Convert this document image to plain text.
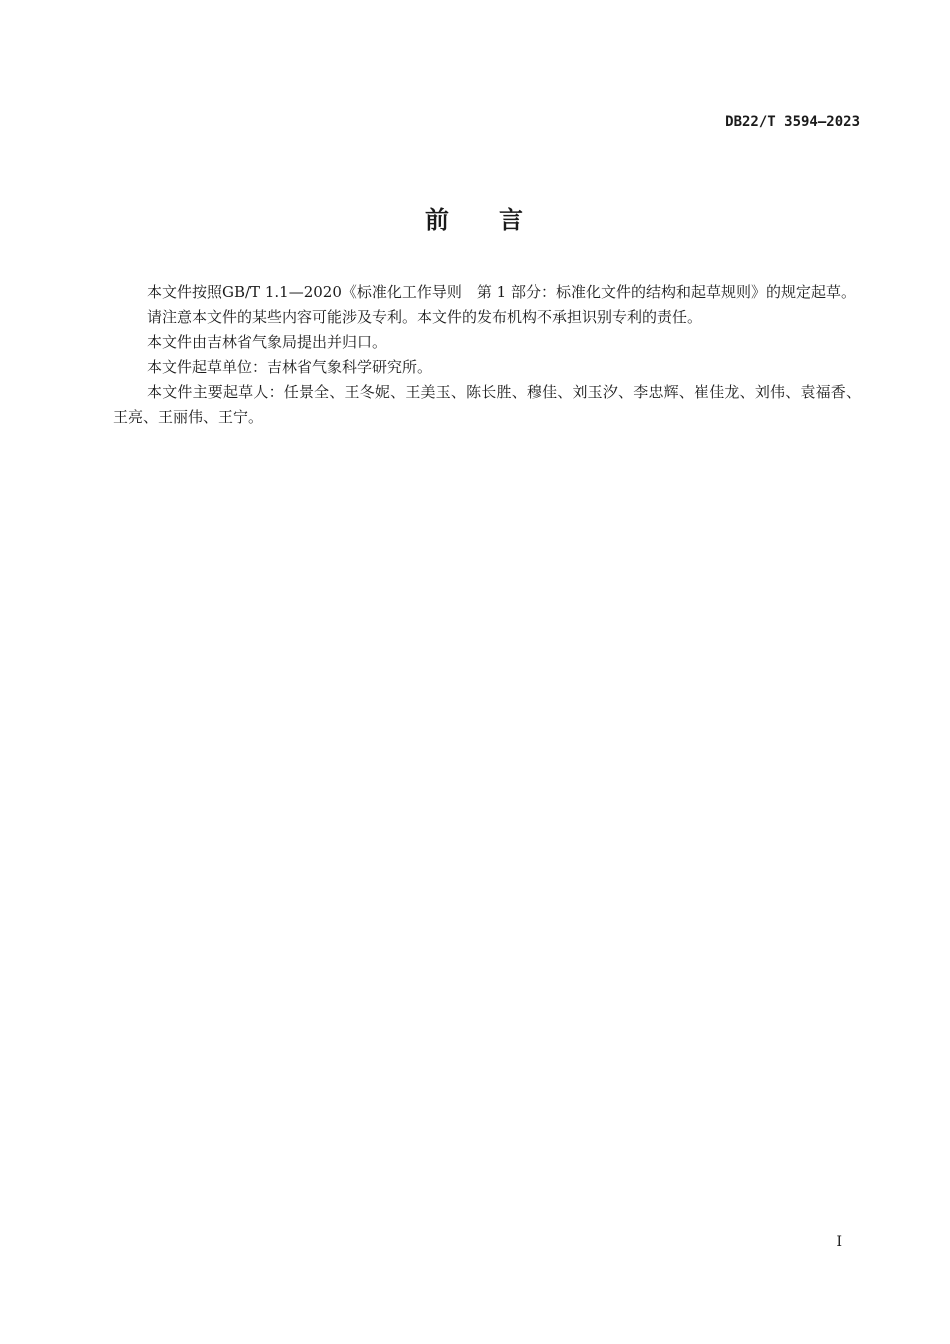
DB22/T 3594—2023
前 言

本文件按照GB/T 1.1—2020《标准化工作导则　第 1 部分：标准化文件的结构和起草规则》的规定起草。

请注意本文件的某些内容可能涉及专利。本文件的发布机构不承担识别专利的责任。

本文件由吉林省气象局提出并归口。

本文件起草单位：吉林省气象科学研究所。

本文件主要起草人：任景全、王冬妮、王美玉、陈长胜、穆佳、刘玉汐、李忠辉、崔佳龙、刘伟、袁福香、王亮、王丽伟、王宁。

I
